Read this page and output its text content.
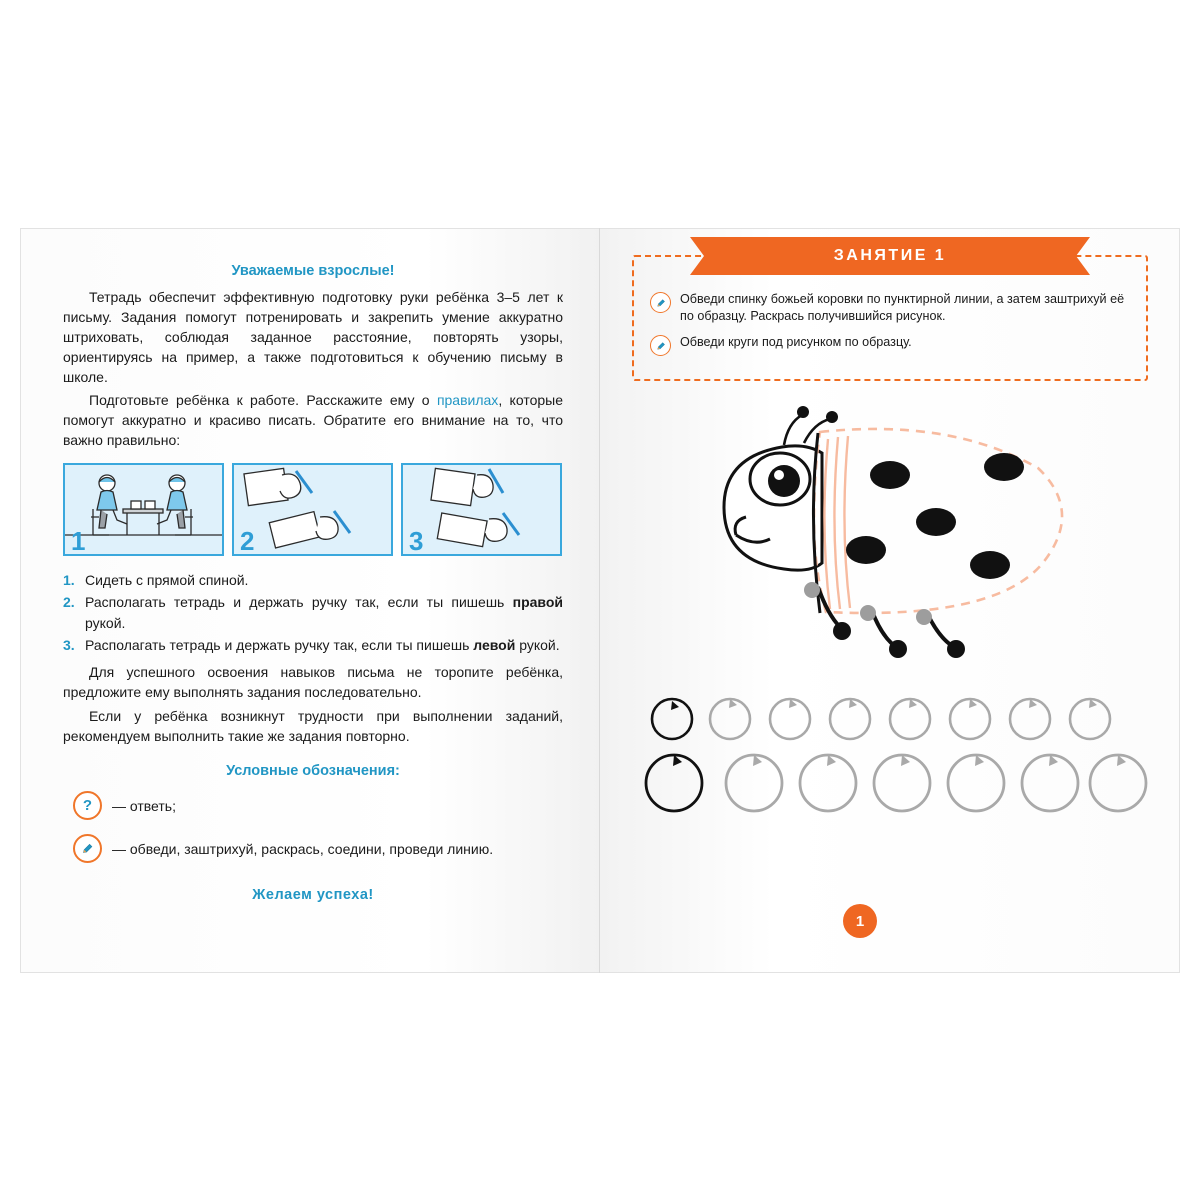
Уважаемые взрослые!

Тетрадь обеспечит эффективную подготовку руки ребёнка 3–5 лет к письму. Задания помогут потренировать и закрепить умение аккуратно штриховать, соблюдая заданное расстояние, повторять узоры, ориентируясь на пример, а также подготовиться к обучению письму в школе.

Подготовьте ребёнка к работе. Расскажите ему о правилах, которые помогут аккуратно и красиво писать. Обратите его внимание на то, что важно правильно:

1	2	3

1. Сидеть с прямой спиной.

2. Располагать тетрадь и держать ручку так, если ты пишешь правой рукой.

3. Располагать тетрадь и держать ручку так, если ты пишешь левой рукой.

Для успешного освоения навыков письма не торопите ребёнка, предложите ему выполнять задания последовательно.

Если у ребёнка возникнут трудности при выполнении заданий, рекомендуем выполнить такие же задания повторно.

Условные обозначения:
? — ответь;
— обведи, заштрихуй, раскрась, соедини, проведи линию.
Желаем успеха!
ЗАНЯТИЕ 1
Обведи спинку божьей коровки по пунктирной линии, а затем заштрихуй её по образцу. Раскрась получившийся рисунок.
Обведи круги под рисунком по образцу.
1
